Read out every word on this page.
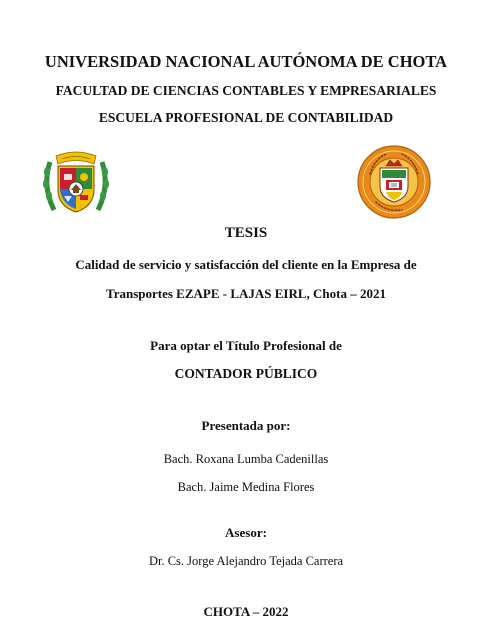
UNIVERSIDAD NACIONAL AUTÓNOMA DE CHOTA
FACULTAD DE CIENCIAS CONTABLES Y EMPRESARIALES
ESCUELA PROFESIONAL DE CONTABILIDAD
TESIS
Calidad de servicio y satisfacción del cliente en la Empresa de
Transportes EZAPE - LAJAS EIRL, Chota – 2021
Para optar el Título Profesional de
CONTADOR PÚBLICO
Presentada por:
Bach. Roxana Lumba Cadenillas
Bach. Jaime Medina Flores
Asesor:
Dr. Cs. Jorge Alejandro Tejada Carrera
CHOTA – 2022
